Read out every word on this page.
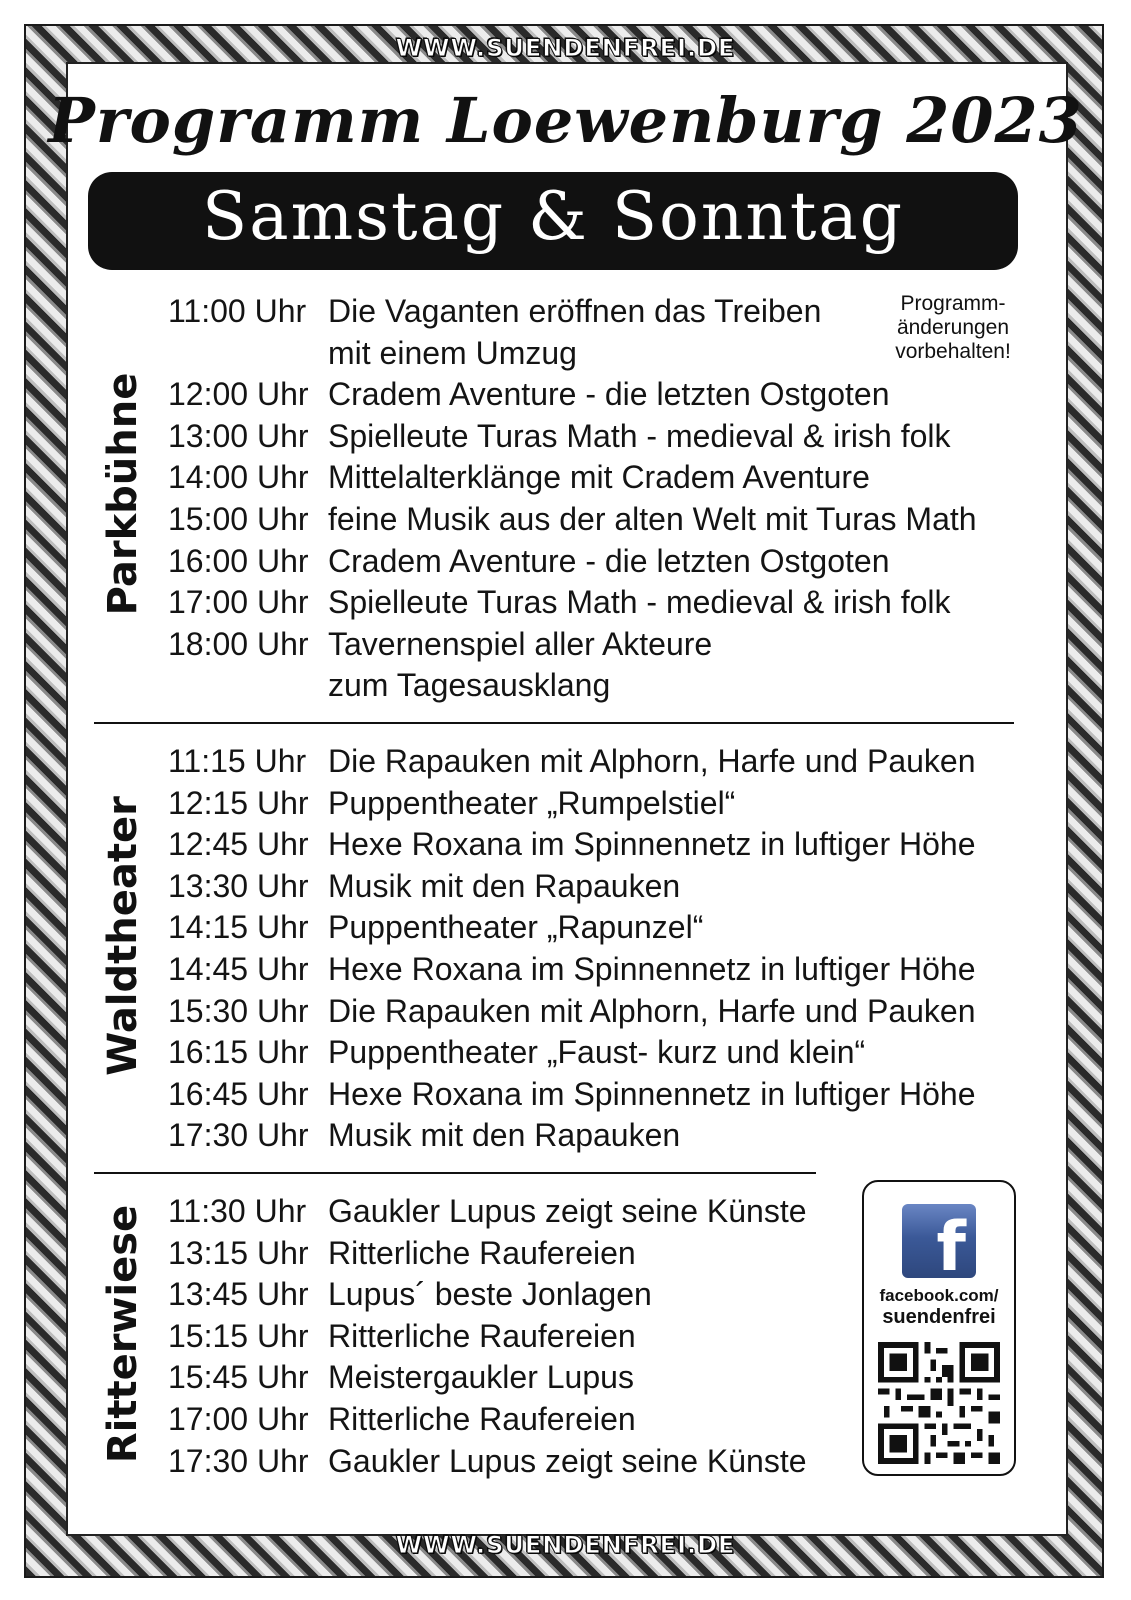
WWW.SUENDENFREI.DE
WWW.SUENDENFREI.DE
Programm Loewenburg 2023
Samstag & Sonntag
Programm-
änderungen
vorbehalten!
Parkbühne
11:00 Uhr Die Vaganten eröffnen das Treiben
mit einem Umzug
12:00 Uhr Cradem Aventure - die letzten Ostgoten
13:00 Uhr Spielleute Turas Math - medieval & irish folk
14:00 Uhr Mittelalterklänge mit Cradem Aventure
15:00 Uhr feine Musik aus der alten Welt mit Turas Math
16:00 Uhr Cradem Aventure - die letzten Ostgoten
17:00 Uhr Spielleute Turas Math - medieval & irish folk
18:00 Uhr Tavernenspiel aller Akteure
zum Tagesausklang
Waldtheater
11:15 Uhr Die Rapauken mit Alphorn, Harfe und Pauken
12:15 Uhr Puppentheater „Rumpelstiel“
12:45 Uhr Hexe Roxana im Spinnennetz in luftiger Höhe
13:30 Uhr Musik mit den Rapauken
14:15 Uhr Puppentheater „Rapunzel“
14:45 Uhr Hexe Roxana im Spinnennetz in luftiger Höhe
15:30 Uhr Die Rapauken mit Alphorn, Harfe und Pauken
16:15 Uhr Puppentheater „Faust- kurz und klein“
16:45 Uhr Hexe Roxana im Spinnennetz in luftiger Höhe
17:30 Uhr Musik mit den Rapauken
Ritterwiese 11:30 Uhr Gaukler Lupus zeigt seine Künste
13:15 Uhr Ritterliche Raufereien
13:45 Uhr Lupus´ beste Jonlagen
15:15 Uhr Ritterliche Raufereien
15:45 Uhr Meistergaukler Lupus
17:00 Uhr Ritterliche Raufereien
17:30 Uhr Gaukler Lupus zeigt seine Künste
f
facebook.com/
suendenfrei
